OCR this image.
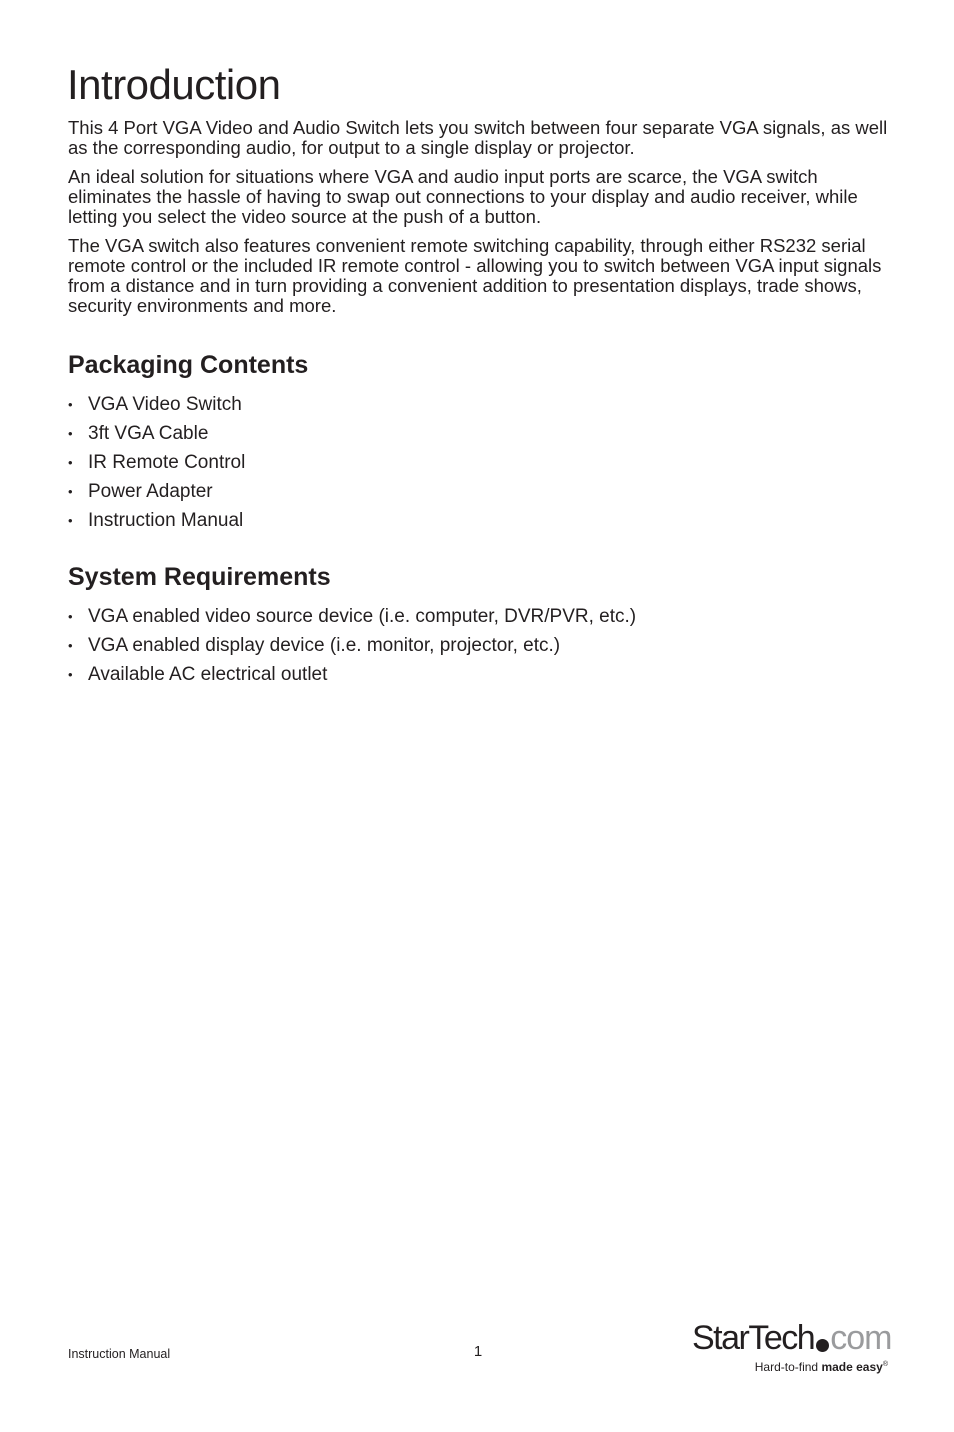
Introduction

This 4 Port VGA Video and Audio Switch lets you switch between four separate VGA signals, as well as the corresponding audio, for output to a single display or projector.

An ideal solution for situations where VGA and audio input ports are scarce, the VGA switch eliminates the hassle of having to swap out connections to your display and audio receiver, while letting you select the video source at the push of a button.

The VGA switch also features convenient remote switching capability, through either RS232 serial remote control or the included IR remote control - allowing you to switch between VGA input signals from a distance and in turn providing a convenient addition to presentation displays, trade shows, security environments and more.

Packaging Contents
• VGA Video Switch
• 3ft VGA Cable
• IR Remote Control
• Power Adapter
• Instruction Manual
System Requirements
• VGA enabled video source device (i.e. computer, DVR/PVR, etc.)
• VGA enabled display device (i.e. monitor, projector, etc.)
• Available AC electrical outlet
Instruction Manual	1	StarTech com
Hard-to-find made easy®
